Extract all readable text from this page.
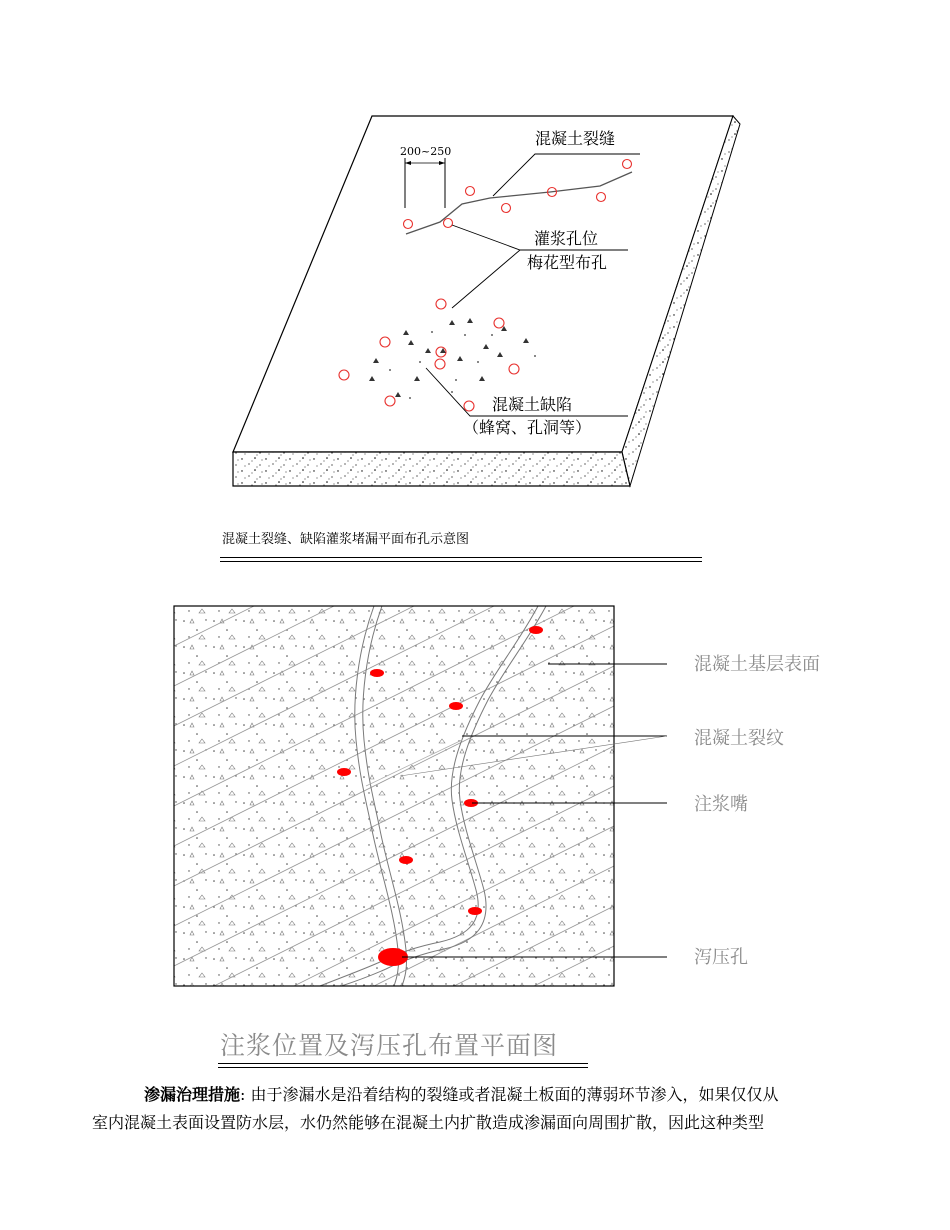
200~250
混凝土裂缝
灌浆孔位
梅花型布孔
混凝土缺陷
（蜂窝、孔洞等）
混凝土裂缝、缺陷灌浆堵漏平面布孔示意图
混凝土基层表面
混凝土裂纹
注浆嘴
泻压孔
注浆位置及泻压孔布置平面图
渗漏治理措施: 由于渗漏水是沿着结构的裂缝或者混凝土板面的薄弱环节渗入，如果仅仅从
室内混凝土表面设置防水层，水仍然能够在混凝土内扩散造成渗漏面向周围扩散，因此这种类型
